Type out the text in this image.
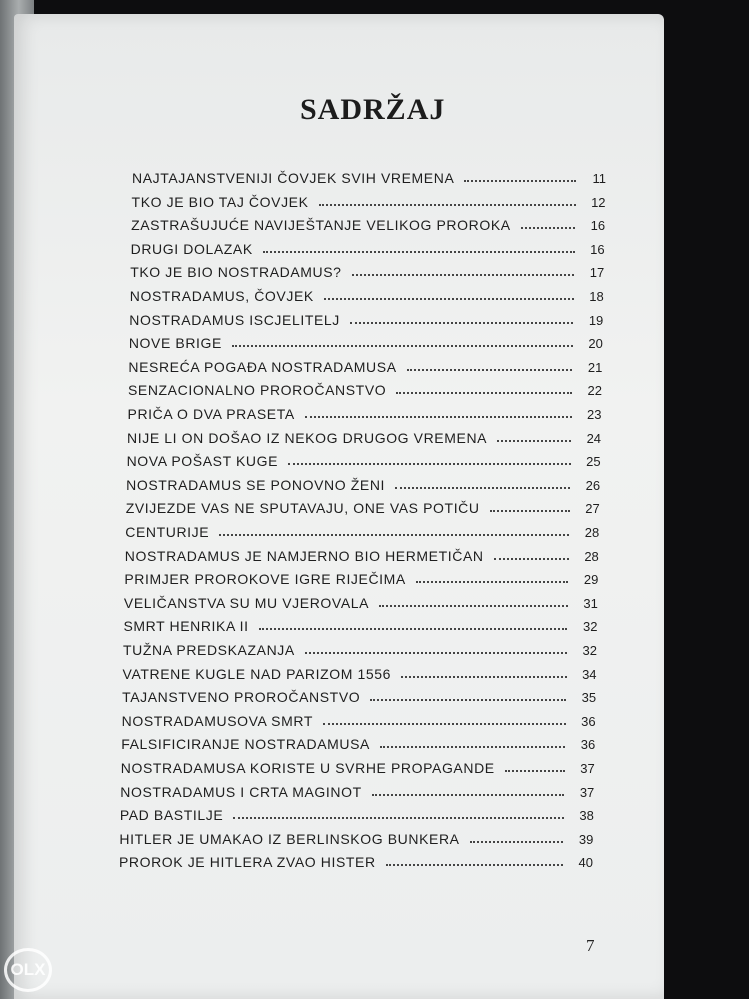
SADRŽAJ
NAJTAJANSTVENIJI ČOVJEK SVIH VREMENA	11
TKO JE BIO TAJ ČOVJEK	12
ZASTRAŠUJUĆE NAVIJEŠTANJE VELIKOG PROROKA	16
DRUGI DOLAZAK	16
TKO JE BIO NOSTRADAMUS?	17
NOSTRADAMUS, ČOVJEK	18
NOSTRADAMUS ISCJELITELJ	19
NOVE BRIGE	20
NESREĆA POGAĐA NOSTRADAMUSA	21
SENZACIONALNO PROROČANSTVO	22
PRIČA O DVA PRASETA	23
NIJE LI ON DOŠAO IZ NEKOG DRUGOG VREMENA	24
NOVA POŠAST KUGE	25
NOSTRADAMUS SE PONOVNO ŽENI	26
ZVIJEZDE VAS NE SPUTAVAJU, ONE VAS POTIČU	27
CENTURIJE	28
NOSTRADAMUS JE NAMJERNO BIO HERMETIČAN	28
PRIMJER PROROKOVE IGRE RIJEČIMA	29
VELIČANSTVA SU MU VJEROVALA	31
SMRT HENRIKA II	32
TUŽNA PREDSKAZANJA	32
VATRENE KUGLE NAD PARIZOM 1556	34
TAJANSTVENO PROROČANSTVO	35
NOSTRADAMUSOVA SMRT	36
FALSIFICIRANJE NOSTRADAMUSA	36
NOSTRADAMUSA KORISTE U SVRHE PROPAGANDE	37
NOSTRADAMUS I CRTA MAGINOT	37
PAD BASTILJE	38
HITLER JE UMAKAO IZ BERLINSKOG BUNKERA	39
PROROK JE HITLERA ZVAO HISTER	40
7
OLX
